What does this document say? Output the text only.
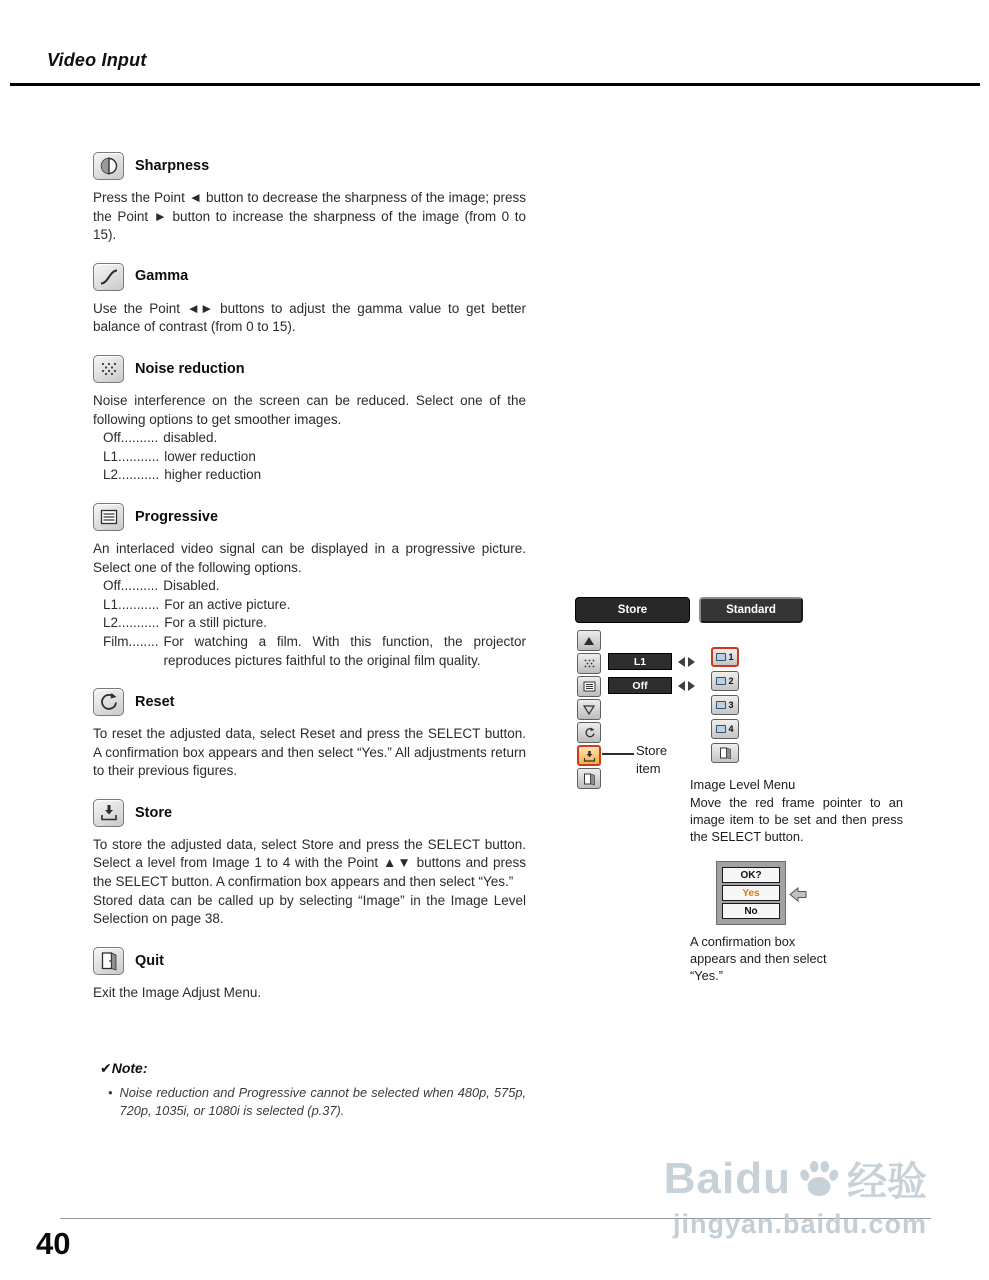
Video Input
Sharpness

Press the Point ◄ button to decrease the sharpness of the image; press the Point ► button to increase the sharpness of the image (from 0 to 15).

Gamma

Use the Point ◄► buttons to adjust the gamma value to get better balance of contrast (from 0 to 15).

Noise reduction

Noise interference on the screen can be reduced. Select one of the following options to get smoother images.

Off.......... disabled.
L1........... lower reduction
L2........... higher reduction
Progressive

An interlaced video signal can be displayed in a progressive picture. Select one of the following options.

Off.......... Disabled.
L1........... For an active picture.
L2........... For a still picture.
Film........ For watching a film. With this function, the projector reproduces pictures faithful to the original film quality.
Reset

To reset the adjusted data, select Reset and press the SELECT button. A confirmation box appears and then select “Yes.” All adjustments return to their previous figures.

Store

To store the adjusted data, select Store and press the SELECT button. Select a level from Image 1 to 4 with the Point ▲▼ buttons and press the SELECT button. A confirmation box appears and then select “Yes.”

Stored data can be called up by selecting “Image” in the Image Level Selection on page 38.

Quit

Exit the Image Adjust Menu.

✔Note:
• Noise reduction and Progressive cannot be selected when 480p, 575p, 720p, 1035i, or 1080i is selected (p.37).
Store	Standard
L1
Off
1
2
3
4
Store item
Image Level Menu
Move the red frame pointer to an image item to be set and then press the SELECT button.
OK?
Yes
No
A confirmation box appears and then select “Yes.”
40
Baidu 经验
jingyan.baidu.com
